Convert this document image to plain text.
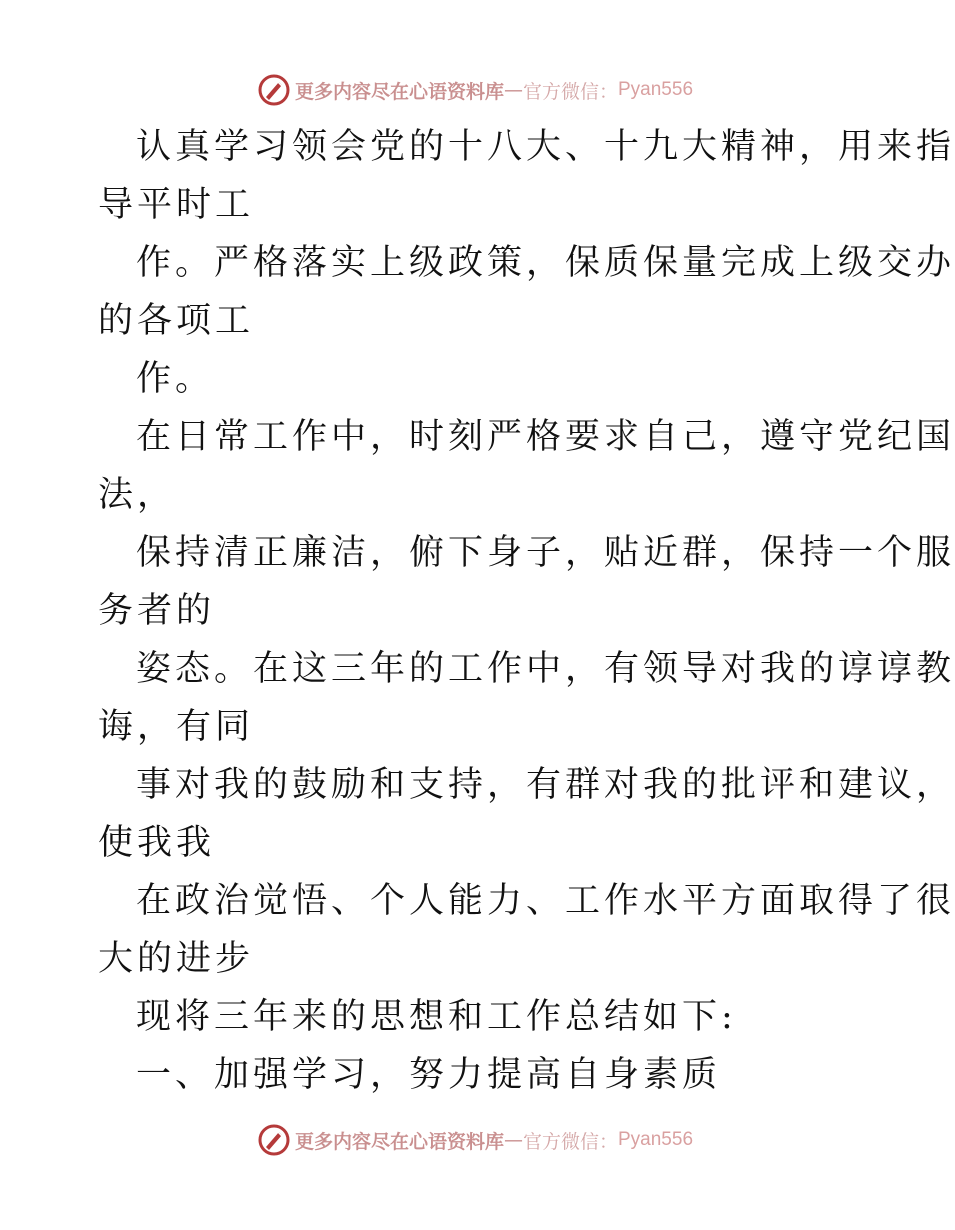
更多内容尽在心语资料库 — 官方微信： Pyan556
认真学习领会党的十八大、十九大精神，用来指
导平时工
作。严格落实上级政策，保质保量完成上级交办
的各项工
作。
在日常工作中，时刻严格要求自己，遵守党纪国
法，
保持清正廉洁，俯下身子，贴近群，保持一个服
务者的
姿态。在这三年的工作中，有领导对我的谆谆教
诲，有同
事对我的鼓励和支持，有群对我的批评和建议，
使我我
在政治觉悟、个人能力、工作水平方面取得了很
大的进步
现将三年来的思想和工作总结如下:
一、加强学习，努力提高自身素质
更多内容尽在心语资料库 — 官方微信： Pyan556
